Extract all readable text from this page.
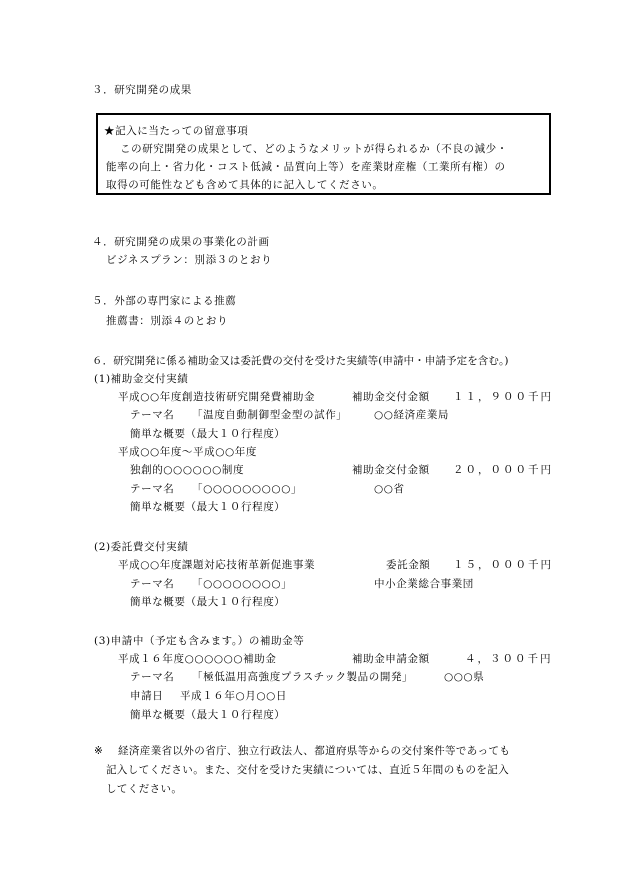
３．研究開発の成果
★記入に当たっての留意事項
この研究開発の成果として、どのようなメリットが得られるか（不良の減少・
能率の向上・省力化・コスト低減・品質向上等）を産業財産権（工業所有権）の
取得の可能性なども含めて具体的に記入してください。
４．研究開発の成果の事業化の計画
ビジネスプラン：別添３のとおり
５．外部の専門家による推薦
推薦書：別添４のとおり
６．研究開発に係る補助金又は委託費の交付を受けた実績等(申請中・申請予定を含む。)
(1)補助金交付実績
平成○○年度創造技術研究開発費補助金	補助金交付金額 １１，９００千円
テーマ名 「温度自動制御型金型の試作」	○○経済産業局
簡単な概要（最大１０行程度）
平成○○年度～平成○○年度
独創的○○○○○○制度	補助金交付金額 ２０，０００千円
テーマ名 「○○○○○○○○○」	○○省
簡単な概要（最大１０行程度）
(2)委託費交付実績
平成○○年度課題対応技術革新促進事業	委託金額 １５，０００千円
テーマ名 「○○○○○○○○」	中小企業総合事業団
簡単な概要（最大１０行程度）
(3)申請中（予定も含みます。）の補助金等
平成１６年度○○○○○○補助金	補助金申請金額	４，３００千円
テーマ名 「極低温用高強度プラスチック製品の開発」	○○○県
申請日 平成１６年○月○○日
簡単な概要（最大１０行程度）
※ 経済産業省以外の省庁、独立行政法人、都道府県等からの交付案件等であっても
記入してください。また、交付を受けた実績については、直近５年間のものを記入
してください。
